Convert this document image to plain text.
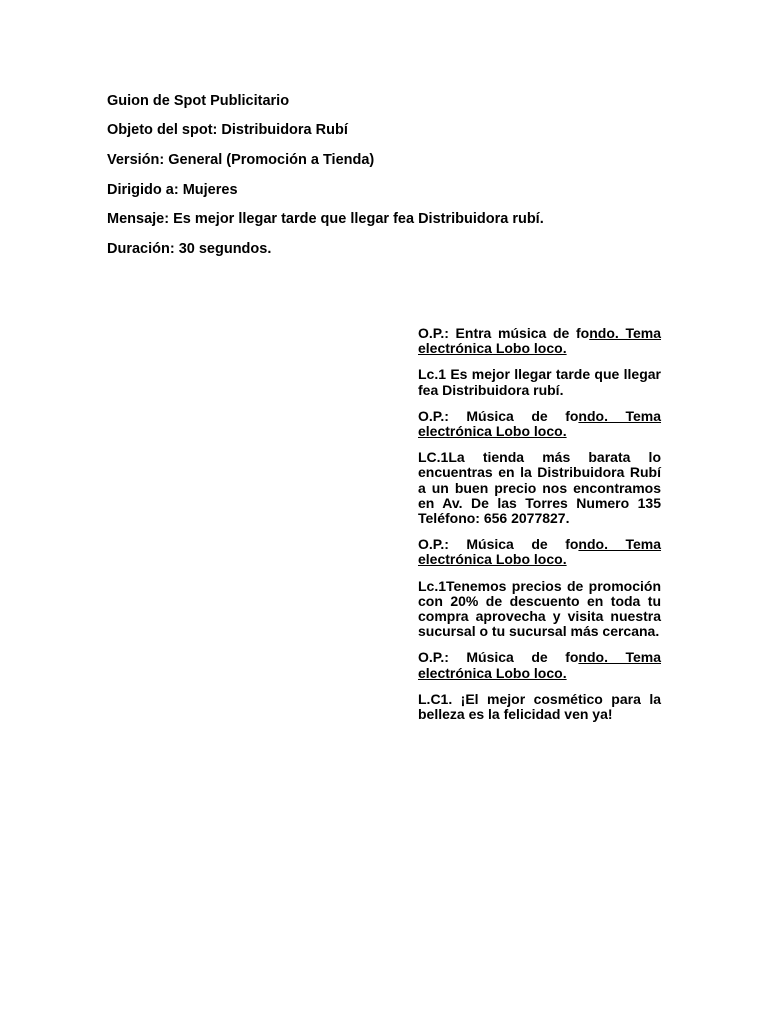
Guion de Spot Publicitario
Objeto del spot: Distribuidora Rubí
Versión: General (Promoción a Tienda)
Dirigido a: Mujeres
Mensaje: Es mejor llegar tarde que llegar fea Distribuidora rubí.
Duración: 30 segundos.

O.P.: Entra música de fondo. Tema electrónica Lobo loco.

Lc.1 Es mejor llegar tarde que llegar fea Distribuidora rubí.

O.P.: Música de fondo. Tema electrónica Lobo loco.

LC.1La tienda más barata lo encuentras en la Distribuidora Rubí a un buen precio nos encontramos en Av. De las Torres Numero 135 Teléfono: 656 2077827.

O.P.: Música de fondo. Tema electrónica Lobo loco.

Lc.1Tenemos precios de promoción con 20% de descuento en toda tu compra aprovecha y visita nuestra sucursal o tu sucursal más cercana.

O.P.: Música de fondo. Tema electrónica Lobo loco.

L.C1. ¡El mejor cosmético para la belleza es la felicidad ven ya!
